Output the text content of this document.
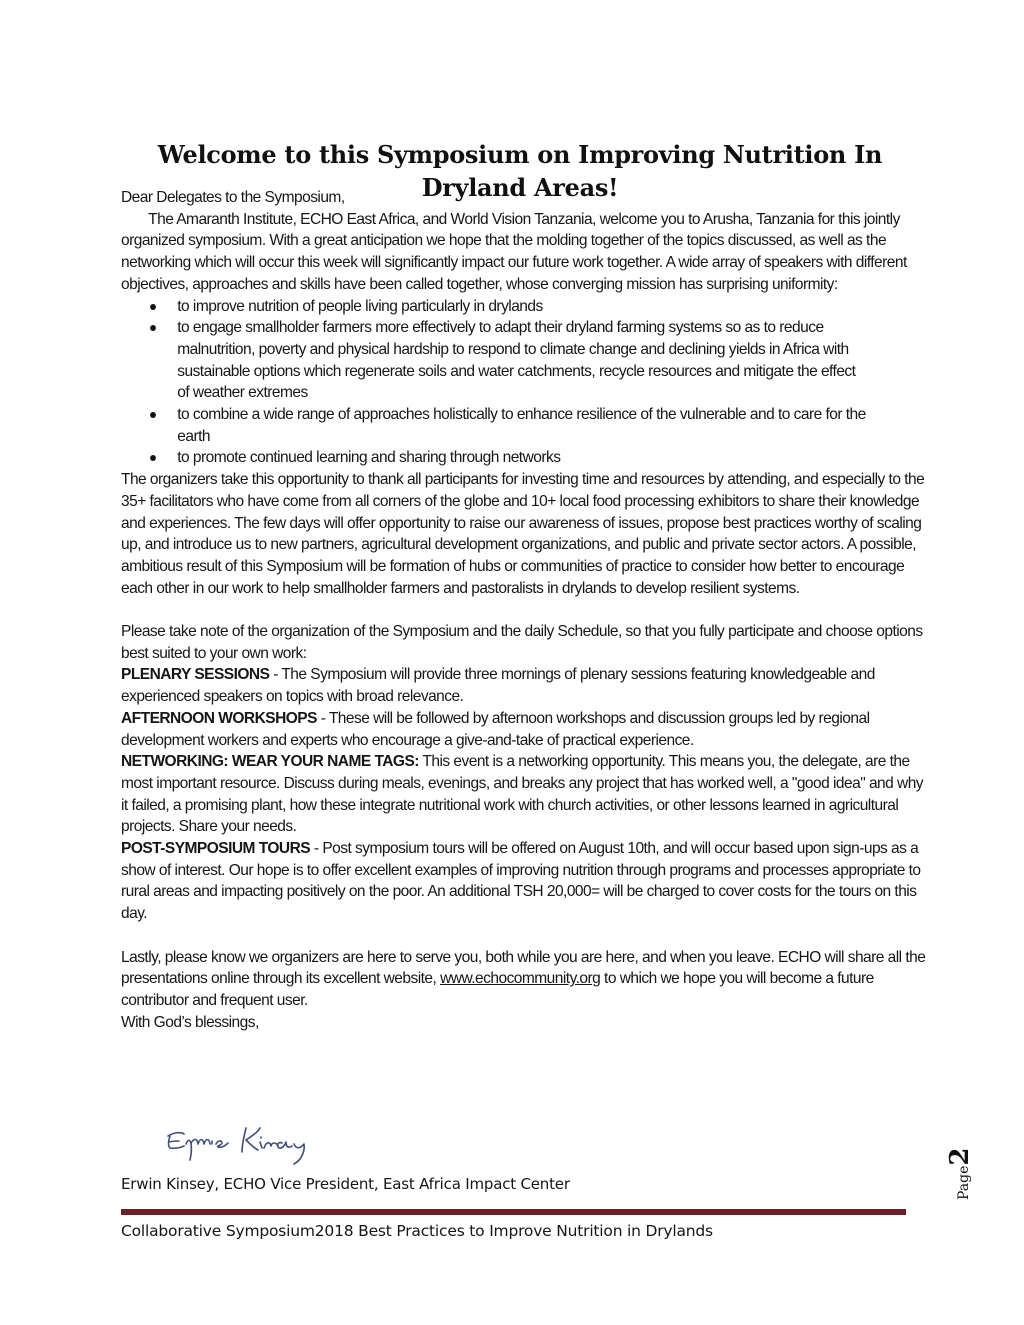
Welcome to this Symposium on Improving Nutrition In Dryland Areas!

Dear Delegates to the Symposium,

The Amaranth Institute, ECHO East Africa, and World Vision Tanzania, welcome you to Arusha, Tanzania for this jointly organized symposium. With a great anticipation we hope that the molding together of the topics discussed, as well as the networking which will occur this week will significantly impact our future work together. A wide array of speakers with different objectives, approaches and skills have been called together, whose converging mission has surprising uniformity:

to improve nutrition of people living particularly in drylands
to engage smallholder farmers more effectively to adapt their dryland farming systems so as to reduce malnutrition, poverty and physical hardship to respond to climate change and declining yields in Africa with sustainable options which regenerate soils and water catchments, recycle resources and mitigate the effect of weather extremes
to combine a wide range of approaches holistically to enhance resilience of the vulnerable and to care for the earth
to promote continued learning and sharing through networks

The organizers take this opportunity to thank all participants for investing time and resources by attending, and especially to the 35+ facilitators who have come from all corners of the globe and 10+ local food processing exhibitors to share their knowledge and experiences. The few days will offer opportunity to raise our awareness of issues, propose best practices worthy of scaling up, and introduce us to new partners, agricultural development organizations, and public and private sector actors. A possible, ambitious result of this Symposium will be formation of hubs or communities of practice to consider how better to encourage each other in our work to help smallholder farmers and pastoralists in drylands to develop resilient systems.

Please take note of the organization of the Symposium and the daily Schedule, so that you fully participate and choose options best suited to your own work:

PLENARY SESSIONS - The Symposium will provide three mornings of plenary sessions featuring knowledgeable and experienced speakers on topics with broad relevance.

AFTERNOON WORKSHOPS - These will be followed by afternoon workshops and discussion groups led by regional development workers and experts who encourage a give-and-take of practical experience.

NETWORKING: WEAR YOUR NAME TAGS: This event is a networking opportunity. This means you, the delegate, are the most important resource. Discuss during meals, evenings, and breaks any project that has worked well, a "good idea" and why it failed, a promising plant, how these integrate nutritional work with church activities, or other lessons learned in agricultural projects. Share your needs.

POST-SYMPOSIUM TOURS - Post symposium tours will be offered on August 10th, and will occur based upon sign-ups as a show of interest. Our hope is to offer excellent examples of improving nutrition through programs and processes appropriate to rural areas and impacting positively on the poor. An additional TSH 20,000= will be charged to cover costs for the tours on this day.

Lastly, please know we organizers are here to serve you, both while you are here, and when you leave. ECHO will share all the presentations online through its excellent website, www.echocommunity.org to which we hope you will become a future contributor and frequent user.

With God’s blessings,

Erwin Kinsey, ECHO Vice President, East Africa Impact Center
Collaborative Symposium2018 Best Practices to Improve Nutrition in Drylands
Page2
